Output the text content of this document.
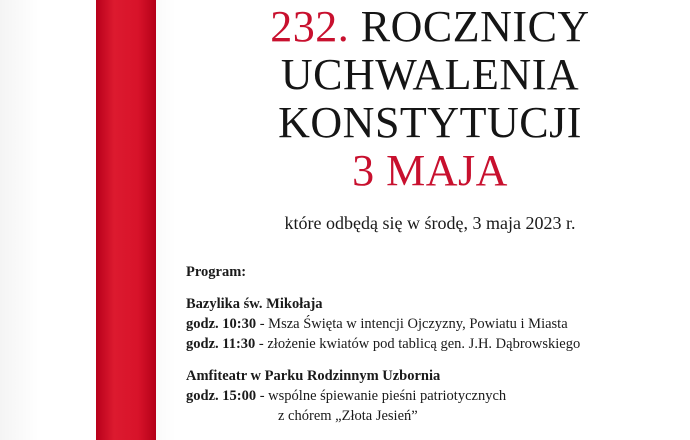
232. ROCZNICY
UCHWALENIA
KONSTYTUCJI
3 MAJA
które odbędą się w środę, 3 maja 2023 r.
Program:
Bazylika św. Mikołaja
godz. 10:30 - Msza Święta w intencji Ojczyzny, Powiatu i Miasta
godz. 11:30 - złożenie kwiatów pod tablicą gen. J.H. Dąbrowskiego
Amfiteatr w Parku Rodzinnym Uzbornia
godz. 15:00 - wspólne śpiewanie pieśni patriotycznych
z chórem „Złota Jesień”
